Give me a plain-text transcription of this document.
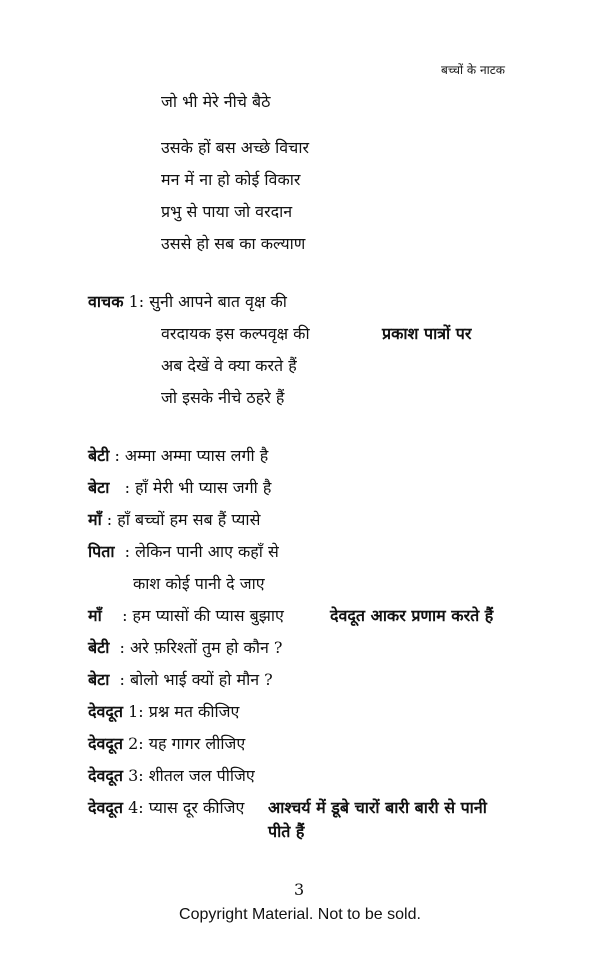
बच्चों के नाटक
जो भी मेरे नीचे बैठे
उसके हों बस अच्छे विचार
मन में ना हो कोई विकार
प्रभु से पाया जो वरदान
उससे हो सब का कल्याण
वाचक 1: सुनी आपने बात वृक्ष की
वरदायक इस कल्पवृक्ष की	प्रकाश पात्रों पर
अब देखें वे क्या करते हैं
जो इसके नीचे ठहरे हैं
बेटी : अम्मा अम्मा प्यास लगी है
बेटा   : हाँ मेरी भी प्यास जगी है
माँ : हाँ बच्चों हम सब हैं प्यासे
पिता  : लेकिन पानी आए कहाँ से
काश कोई पानी दे जाए
माँ    : हम प्यासों की प्यास बुझाए	देवदूत आकर प्रणाम करते हैं
बेटी  : अरे फ़रिश्तों तुम हो कौन ?
बेटा  : बोलो भाई क्यों हो मौन ?
देवदूत 1: प्रश्न मत कीजिए
देवदूत 2: यह गागर लीजिए
देवदूत 3: शीतल जल पीजिए
देवदूत 4: प्यास दूर कीजिए आश्चर्य में डूबे चारों बारी बारी से पानी
पीते हैं
3
Copyright Material. Not to be sold.
